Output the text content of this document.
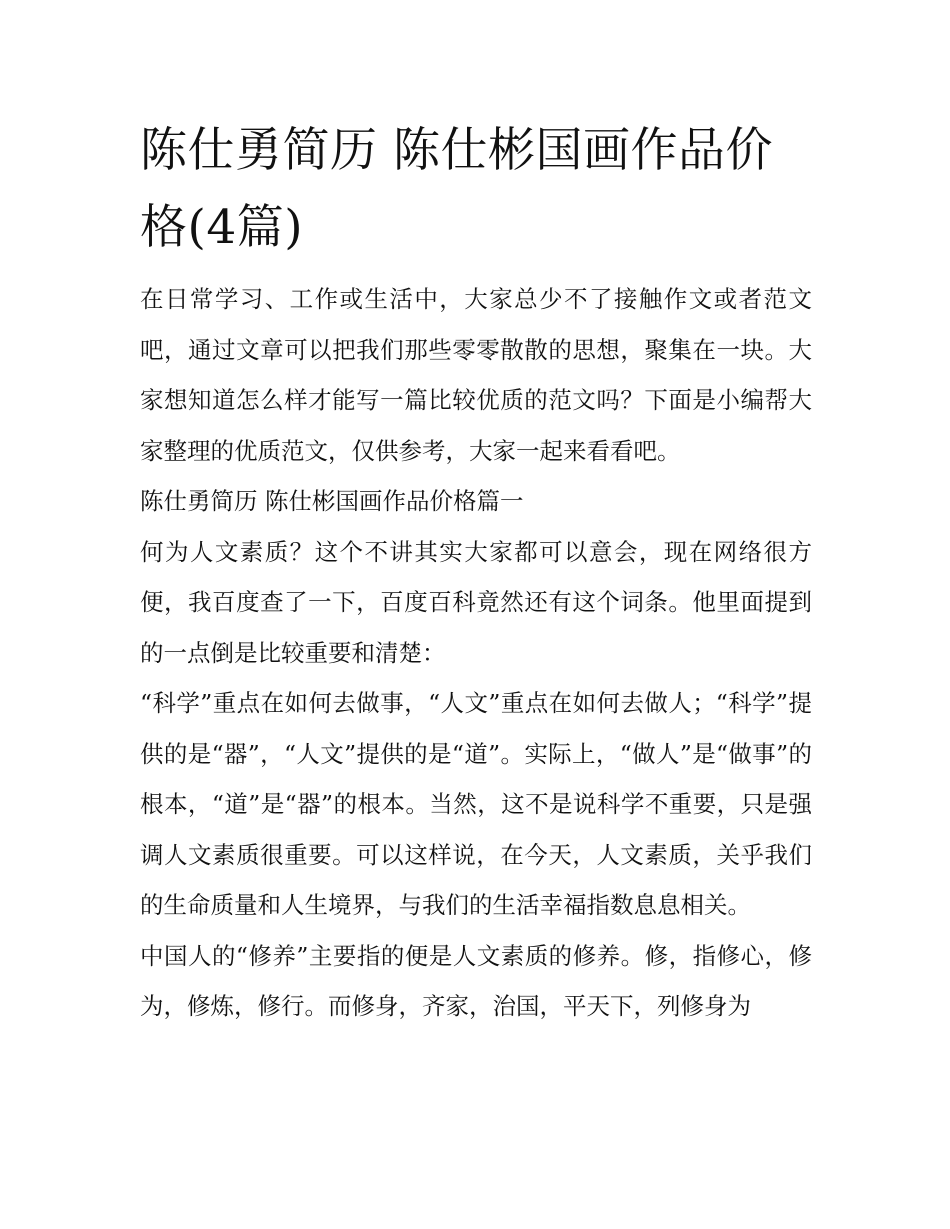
陈仕勇简历 陈仕彬国画作品价格(4篇)

在日常学习、工作或生活中，大家总少不了接触作文或者范文吧，通过文章可以把我们那些零零散散的思想，聚集在一块。大家想知道怎么样才能写一篇比较优质的范文吗？下面是小编帮大家整理的优质范文，仅供参考，大家一起来看看吧。

陈仕勇简历 陈仕彬国画作品价格篇一

何为人文素质？这个不讲其实大家都可以意会，现在网络很方便，我百度查了一下，百度百科竟然还有这个词条。他里面提到的一点倒是比较重要和清楚：

“科学”重点在如何去做事，“人文”重点在如何去做人；“科学”提供的是“器”，“人文”提供的是“道”。实际上，“做人”是“做事”的根本，“道”是“器”的根本。当然，这不是说科学不重要，只是强调人文素质很重要。可以这样说，在今天，人文素质，关乎我们的生命质量和人生境界，与我们的生活幸福指数息息相关。

中国人的“修养”主要指的便是人文素质的修养。修，指修心，修为，修炼，修行。而修身，齐家，治国，平天下，列修身为
